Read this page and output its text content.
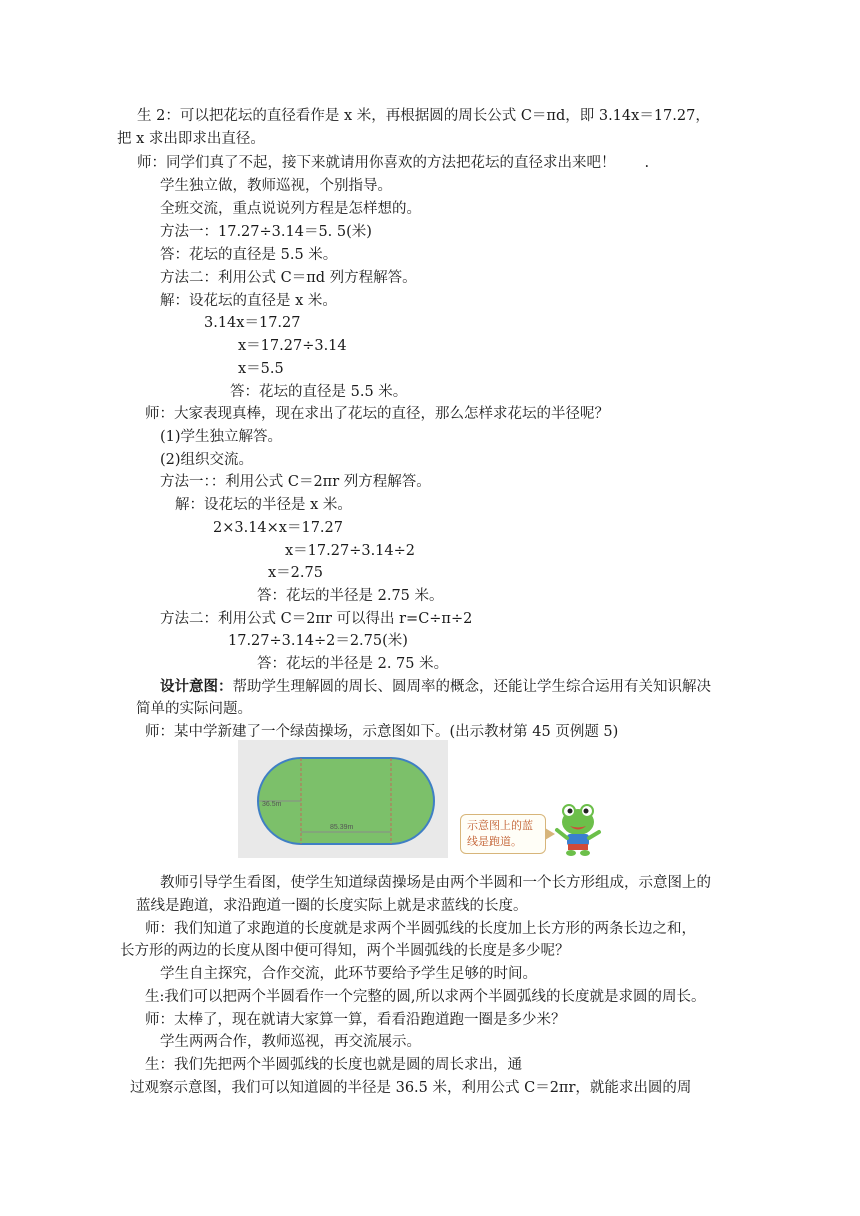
生 2：可以把花坛的直径看作是 x 米，再根据圆的周长公式 C＝πd，即 3.14x＝17.27，
把 x 求出即求出直径。
师：同学们真了不起，接下来就请用你喜欢的方法把花坛的直径求出来吧！　　.
学生独立做，教师巡视，个别指导。
全班交流，重点说说列方程是怎样想的。
方法一：17.27÷3.14＝5. 5(米)
答：花坛的直径是 5.5 米。
方法二：利用公式 C＝πd 列方程解答。
解：设花坛的直径是 x 米。
3.14x＝17.27
x＝17.27÷3.14
x＝5.5
答：花坛的直径是 5.5 米。
师：大家表现真棒，现在求出了花坛的直径，那么怎样求花坛的半径呢？
(1)学生独立解答。
(2)组织交流。
方法一：：利用公式 C＝2πr 列方程解答。
解：设花坛的半径是 x 米。
2×3.14×x＝17.27
x＝17.27÷3.14÷2
x＝2.75
答：花坛的半径是 2.75 米。
方法二：利用公式 C＝2πr 可以得出 r=C÷π÷2
17.27÷3.14÷2＝2.75(米)
答：花坛的半径是 2. 75 米。
设计意图：帮助学生理解圆的周长、圆周率的概念，还能让学生综合运用有关知识解决
简单的实际问题。
师：某中学新建了一个绿茵操场，示意图如下。(出示教材第 45 页例题 5)
36.5m
85.39m	示意图上的蓝线是跑道。
教师引导学生看图，使学生知道绿茵操场是由两个半圆和一个长方形组成，示意图上的
蓝线是跑道，求沿跑道一圈的长度实际上就是求蓝线的长度。
师：我们知道了求跑道的长度就是求两个半圆弧线的长度加上长方形的两条长边之和，
长方形的两边的长度从图中便可得知，两个半圆弧线的长度是多少呢？
学生自主探究，合作交流，此环节要给予学生足够的时间。
生:我们可以把两个半圆看作一个完整的圆,所以求两个半圆弧线的长度就是求圆的周长。
师：太棒了，现在就请大家算一算，看看沿跑道跑一圈是多少米？
学生两两合作，教师巡视，再交流展示。
生：我们先把两个半圆弧线的长度也就是圆的周长求出，通
过观察示意图，我们可以知道圆的半径是 36.5 米，利用公式 C＝2πr，就能求出圆的周
